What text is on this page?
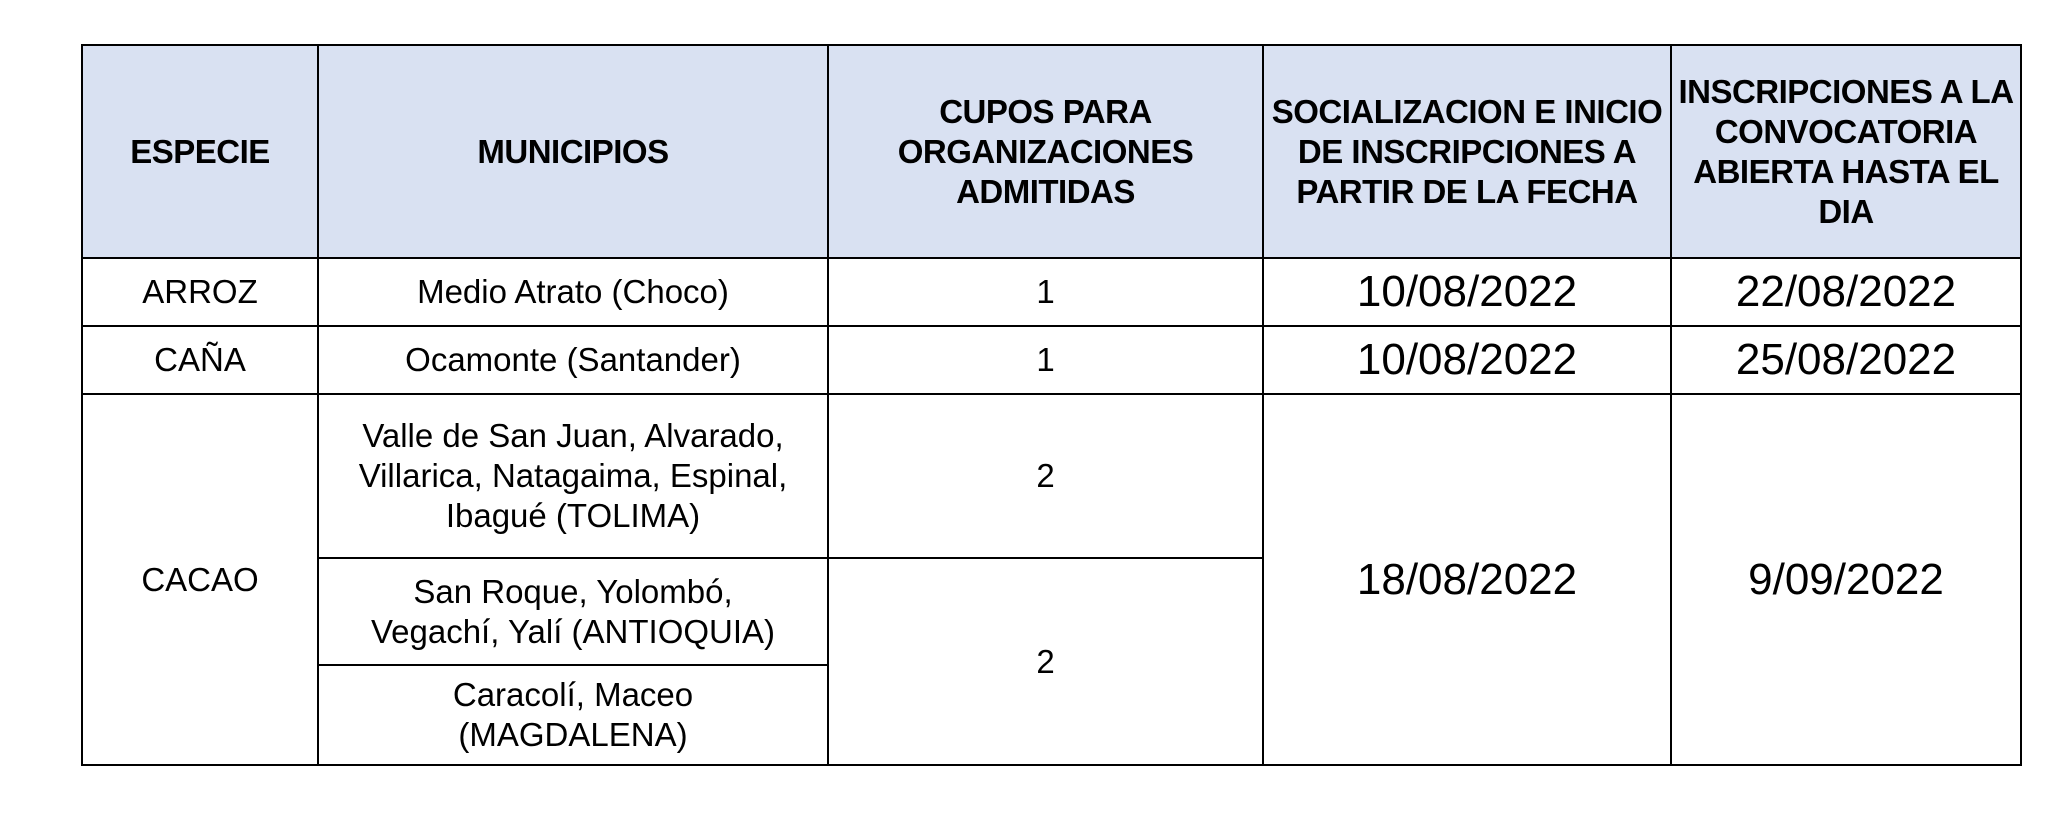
ESPECIE	MUNICIPIOS	CUPOS PARA ORGANIZACIONES ADMITIDAS	SOCIALIZACION E INICIO DE INSCRIPCIONES A PARTIR DE LA FECHA	INSCRIPCIONES A LA CONVOCATORIA ABIERTA HASTA EL DIA
ARROZ	Medio Atrato (Choco)	1	10/08/2022	22/08/2022
CAÑA	Ocamonte (Santander)	1	10/08/2022	25/08/2022
CACAO	Valle de San Juan, Alvarado, Villarica, Natagaima, Espinal, Ibagué (TOLIMA)	2	18/08/2022	9/09/2022
	San Roque, Yolombó, Vegachí, Yalí (ANTIOQUIA)	2		
	Caracolí, Maceo (MAGDALENA)			
